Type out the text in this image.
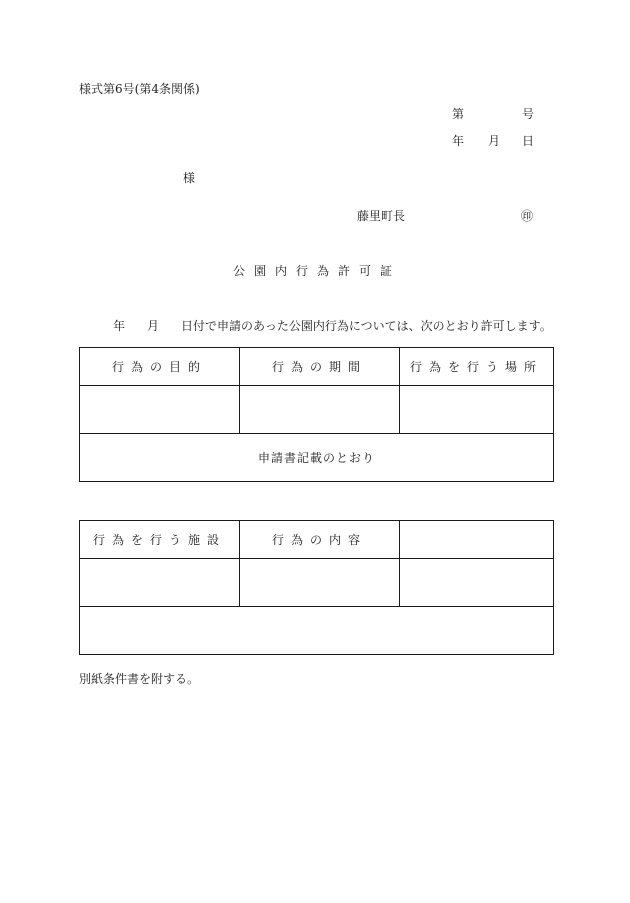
様式第6号(第4条関係)
第	号
年 月 日
様
藤里町長	㊞
公園内行為許可証
年 月 日付で申請のあった公園内行為については、次のとおり許可します。
行為の目的	行為の期間	行為を行う場所

申請書記載のとおり		
行為を行う施設	行為の内容	

別紙条件書を附する。
